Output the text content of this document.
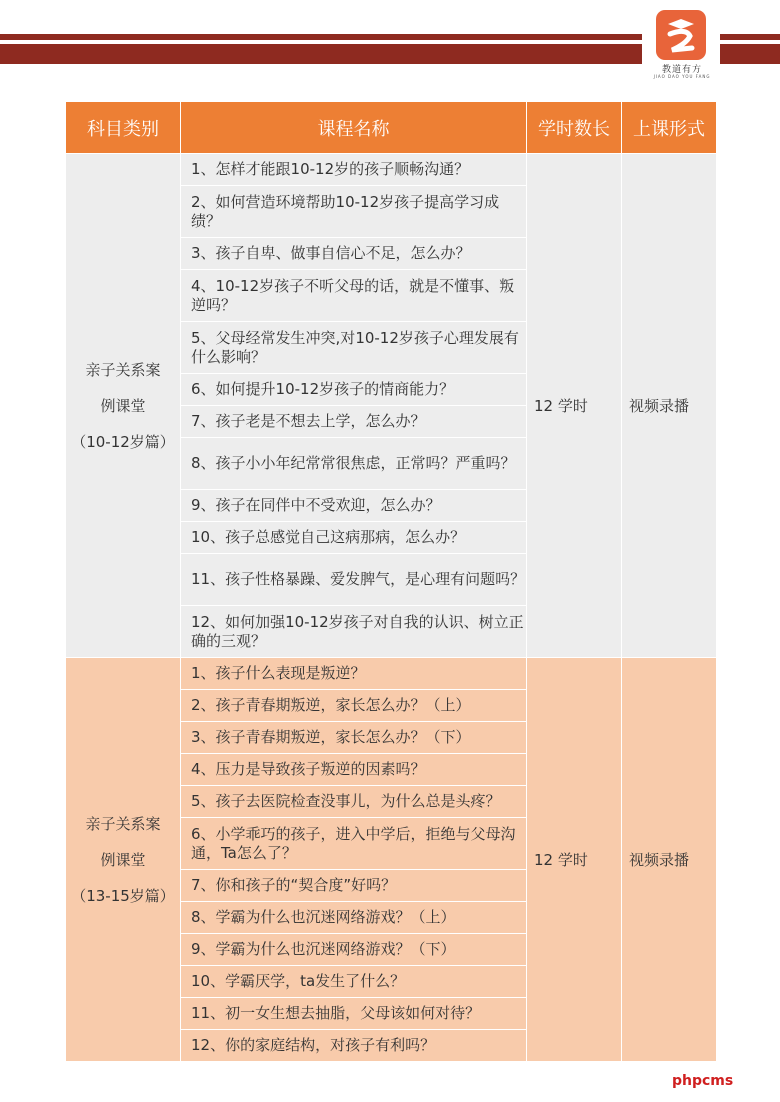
教道有方
JIAO DAO YOU FANG
科目类别	课程名称	学时数长	上课形式

亲子关系案
例课堂
（10-12岁篇）	1、怎样才能跟10-12岁的孩子顺畅沟通？	12 学时	视频录播
	2、如何营造环境帮助10-12岁孩子提高学习成绩？		
	3、孩子自卑、做事自信心不足，怎么办？		
	4、10-12岁孩子不听父母的话，就是不懂事、叛逆吗？		
	5、父母经常发生冲突,对10-12岁孩子心理发展有什么影响？		
	6、如何提升10-12岁孩子的情商能力？		
	7、孩子老是不想去上学，怎么办？		
	8、孩子小小年纪常常很焦虑，正常吗？严重吗？		
	9、孩子在同伴中不受欢迎，怎么办？		
	10、孩子总感觉自己这病那病，怎么办？		
	11、孩子性格暴躁、爱发脾气，是心理有问题吗？		
	12、如何加强10-12岁孩子对自我的认识、树立正确的三观？		

亲子关系案
例课堂
（13-15岁篇）	1、孩子什么表现是叛逆？	12 学时	视频录播
	2、孩子青春期叛逆，家长怎么办？（上）		
	3、孩子青春期叛逆，家长怎么办？（下）		
	4、压力是导致孩子叛逆的因素吗？		
	5、孩子去医院检查没事儿，为什么总是头疼？		
	6、小学乖巧的孩子，进入中学后，拒绝与父母沟通，Ta怎么了？		
	7、你和孩子的“契合度”好吗？		
	8、学霸为什么也沉迷网络游戏？（上）		
	9、学霸为什么也沉迷网络游戏？（下）		
	10、学霸厌学，ta发生了什么？		
	11、初一女生想去抽脂，父母该如何对待？		
	12、你的家庭结构，对孩子有利吗？		
phpcms
